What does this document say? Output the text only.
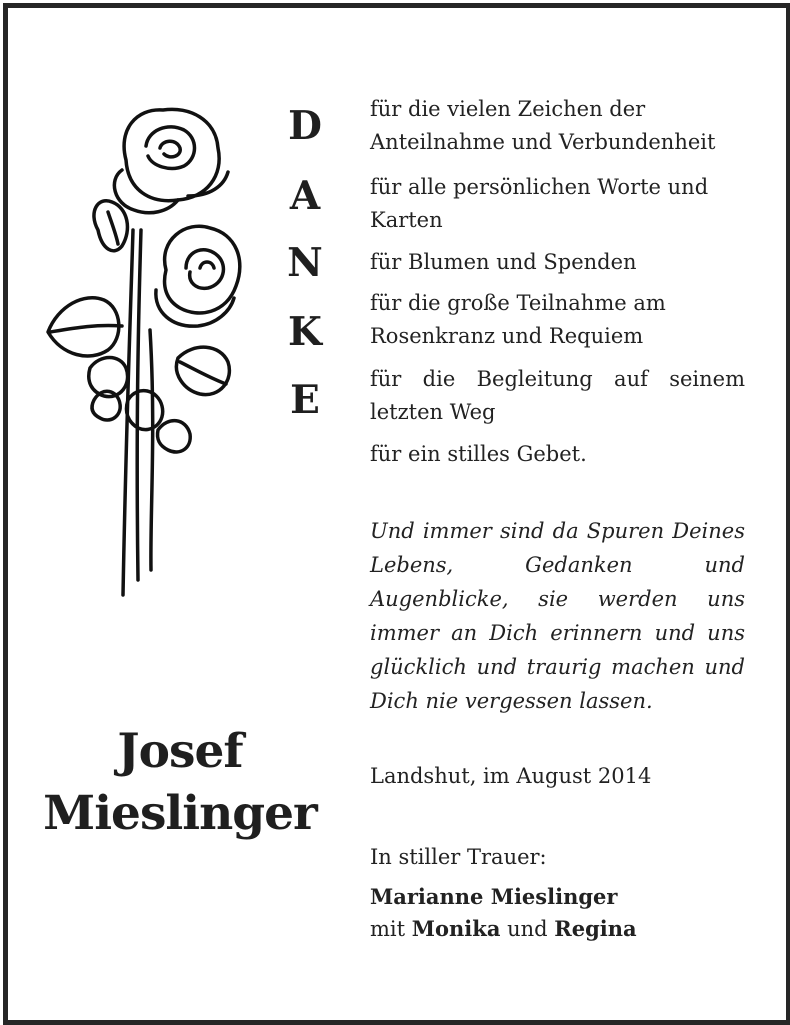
D
A
N
K
E
für die vielen Zeichen der Anteilnahme und Verbundenheit
für alle persönlichen Worte und Karten
für Blumen und Spenden
für die große Teilnahme am Rosenkranz und Requiem
für die Begleitung auf seinem letzten Weg
für ein stilles Gebet.
Und immer sind da Spuren Deines Lebens, Gedanken und Augenblicke, sie werden uns immer an Dich erinnern und uns glücklich und traurig machen und Dich nie vergessen lassen.
Josef
Mieslinger
Landshut, im August 2014
In stiller Trauer:
Marianne Mieslinger
mit Monika und Regina
